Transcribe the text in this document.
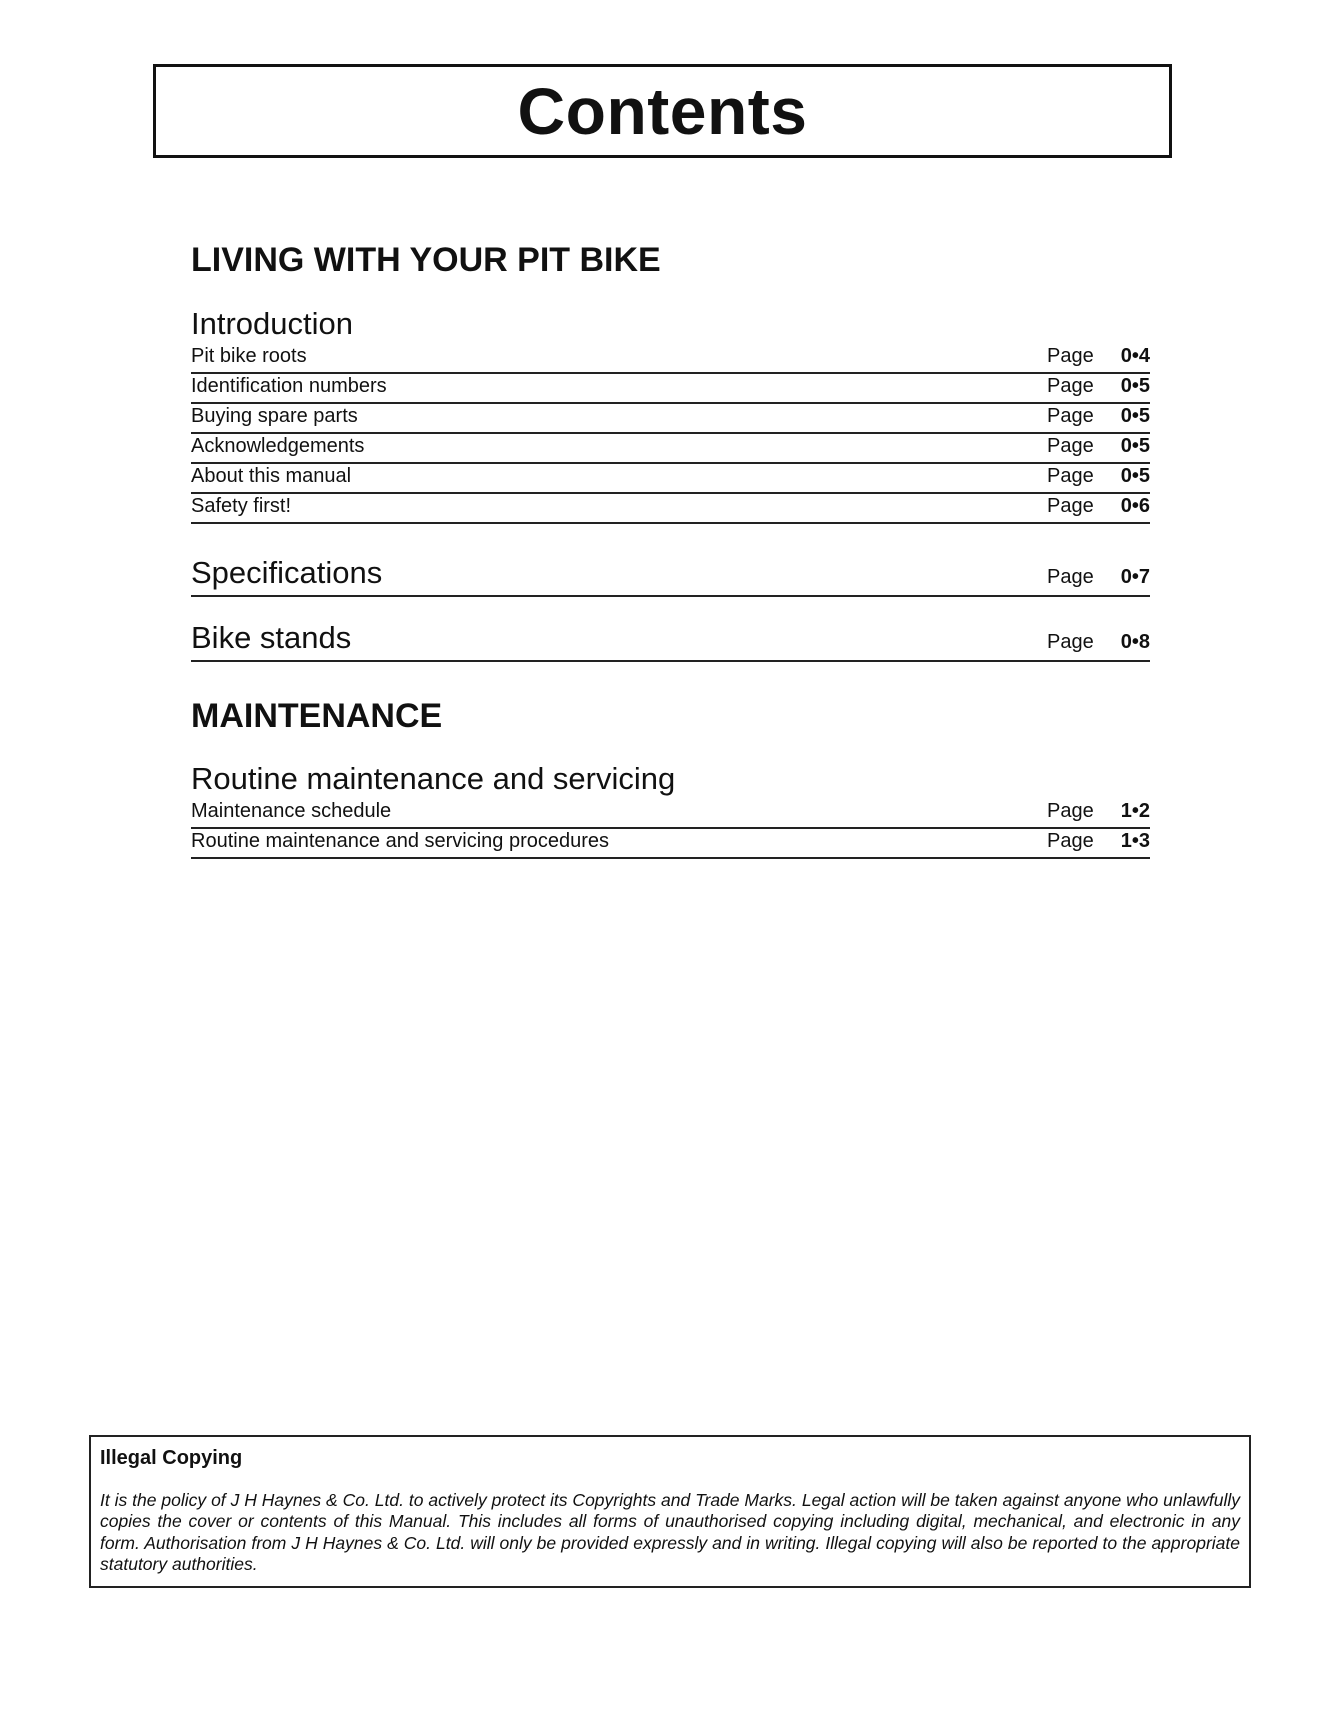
Contents
LIVING WITH YOUR PIT BIKE
Introduction
Pit bike roots	Page	0•4
Identification numbers	Page	0•5
Buying spare parts	Page	0•5
Acknowledgements	Page	0•5
About this manual	Page	0•5
Safety first!	Page	0•6
Specifications	Page	0•7
Bike stands	Page	0•8
MAINTENANCE
Routine maintenance and servicing
Maintenance schedule	Page	1•2
Routine maintenance and servicing procedures	Page	1•3
Illegal Copying

It is the policy of J H Haynes & Co. Ltd. to actively protect its Copyrights and Trade Marks. Legal action will be taken against anyone who unlawfully copies the cover or contents of this Manual. This includes all forms of unauthorised copying including digital, mechanical, and electronic in any form. Authorisation from J H Haynes & Co. Ltd. will only be provided expressly and in writing. Illegal copying will also be reported to the appropriate statutory authorities.
